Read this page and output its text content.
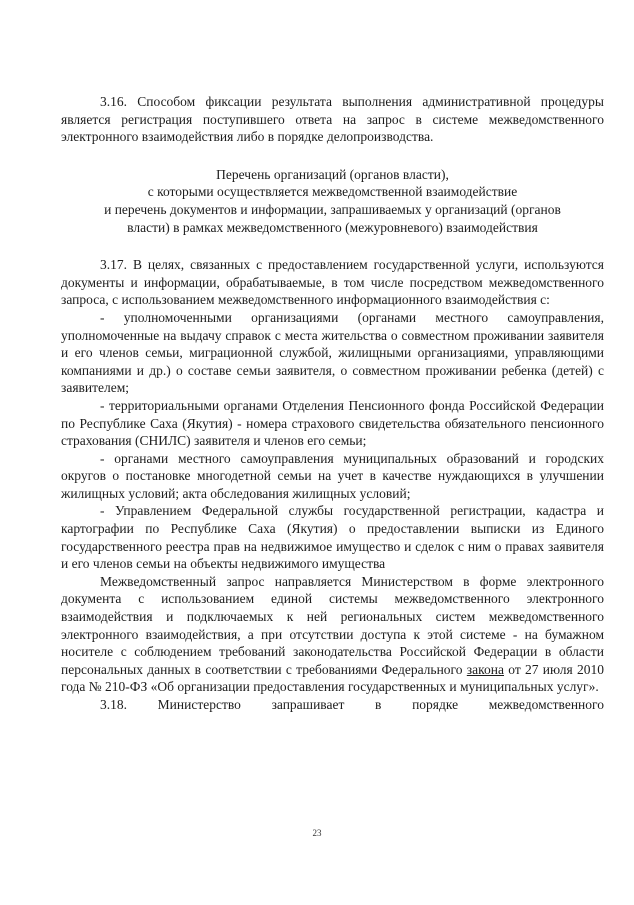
3.16. Способом фиксации результата выполнения административной процедуры является регистрация поступившего ответа на запрос в системе межведомственного электронного взаимодействия либо в порядке делопроизводства.

Перечень организаций (органов власти),
с которыми осуществляется межведомственной взаимодействие
и перечень документов и информации, запрашиваемых у организаций (органов
власти) в рамках межведомственного (межуровневого) взаимодействия

3.17. В целях, связанных с предоставлением государственной услуги, используются документы и информации, обрабатываемые, в том числе посредством межведомственного запроса, с использованием межведомственного информационного взаимодействия с:

- уполномоченными организациями (органами местного самоуправления, уполномоченные на выдачу справок с места жительства о совместном проживании заявителя и его членов семьи, миграционной службой, жилищными организациями, управляющими компаниями и др.) о составе семьи заявителя, о совместном проживании ребенка (детей) с заявителем;

- территориальными органами Отделения Пенсионного фонда Российской Федерации по Республике Саха (Якутия) - номера страхового свидетельства обязательного пенсионного страхования (СНИЛС) заявителя и членов его семьи;

- органами местного самоуправления муниципальных образований и городских округов о постановке многодетной семьи на учет в качестве нуждающихся в улучшении жилищных условий; акта обследования жилищных условий;

- Управлением Федеральной службы государственной регистрации, кадастра и картографии по Республике Саха (Якутия) о предоставлении выписки из Единого государственного реестра прав на недвижимое имущество и сделок с ним о правах заявителя и его членов семьи на объекты недвижимого имущества

Межведомственный запрос направляется Министерством в форме электронного документа с использованием единой системы межведомственного электронного взаимодействия и подключаемых к ней региональных систем межведомственного электронного взаимодействия, а при отсутствии доступа к этой системе - на бумажном носителе с соблюдением требований законодательства Российской Федерации в области персональных данных в соответствии с требованиями Федерального закона от 27 июля 2010 года № 210-ФЗ «Об организации предоставления государственных и муниципальных услуг».

3.18. Министерство запрашивает в порядке межведомственного

23
